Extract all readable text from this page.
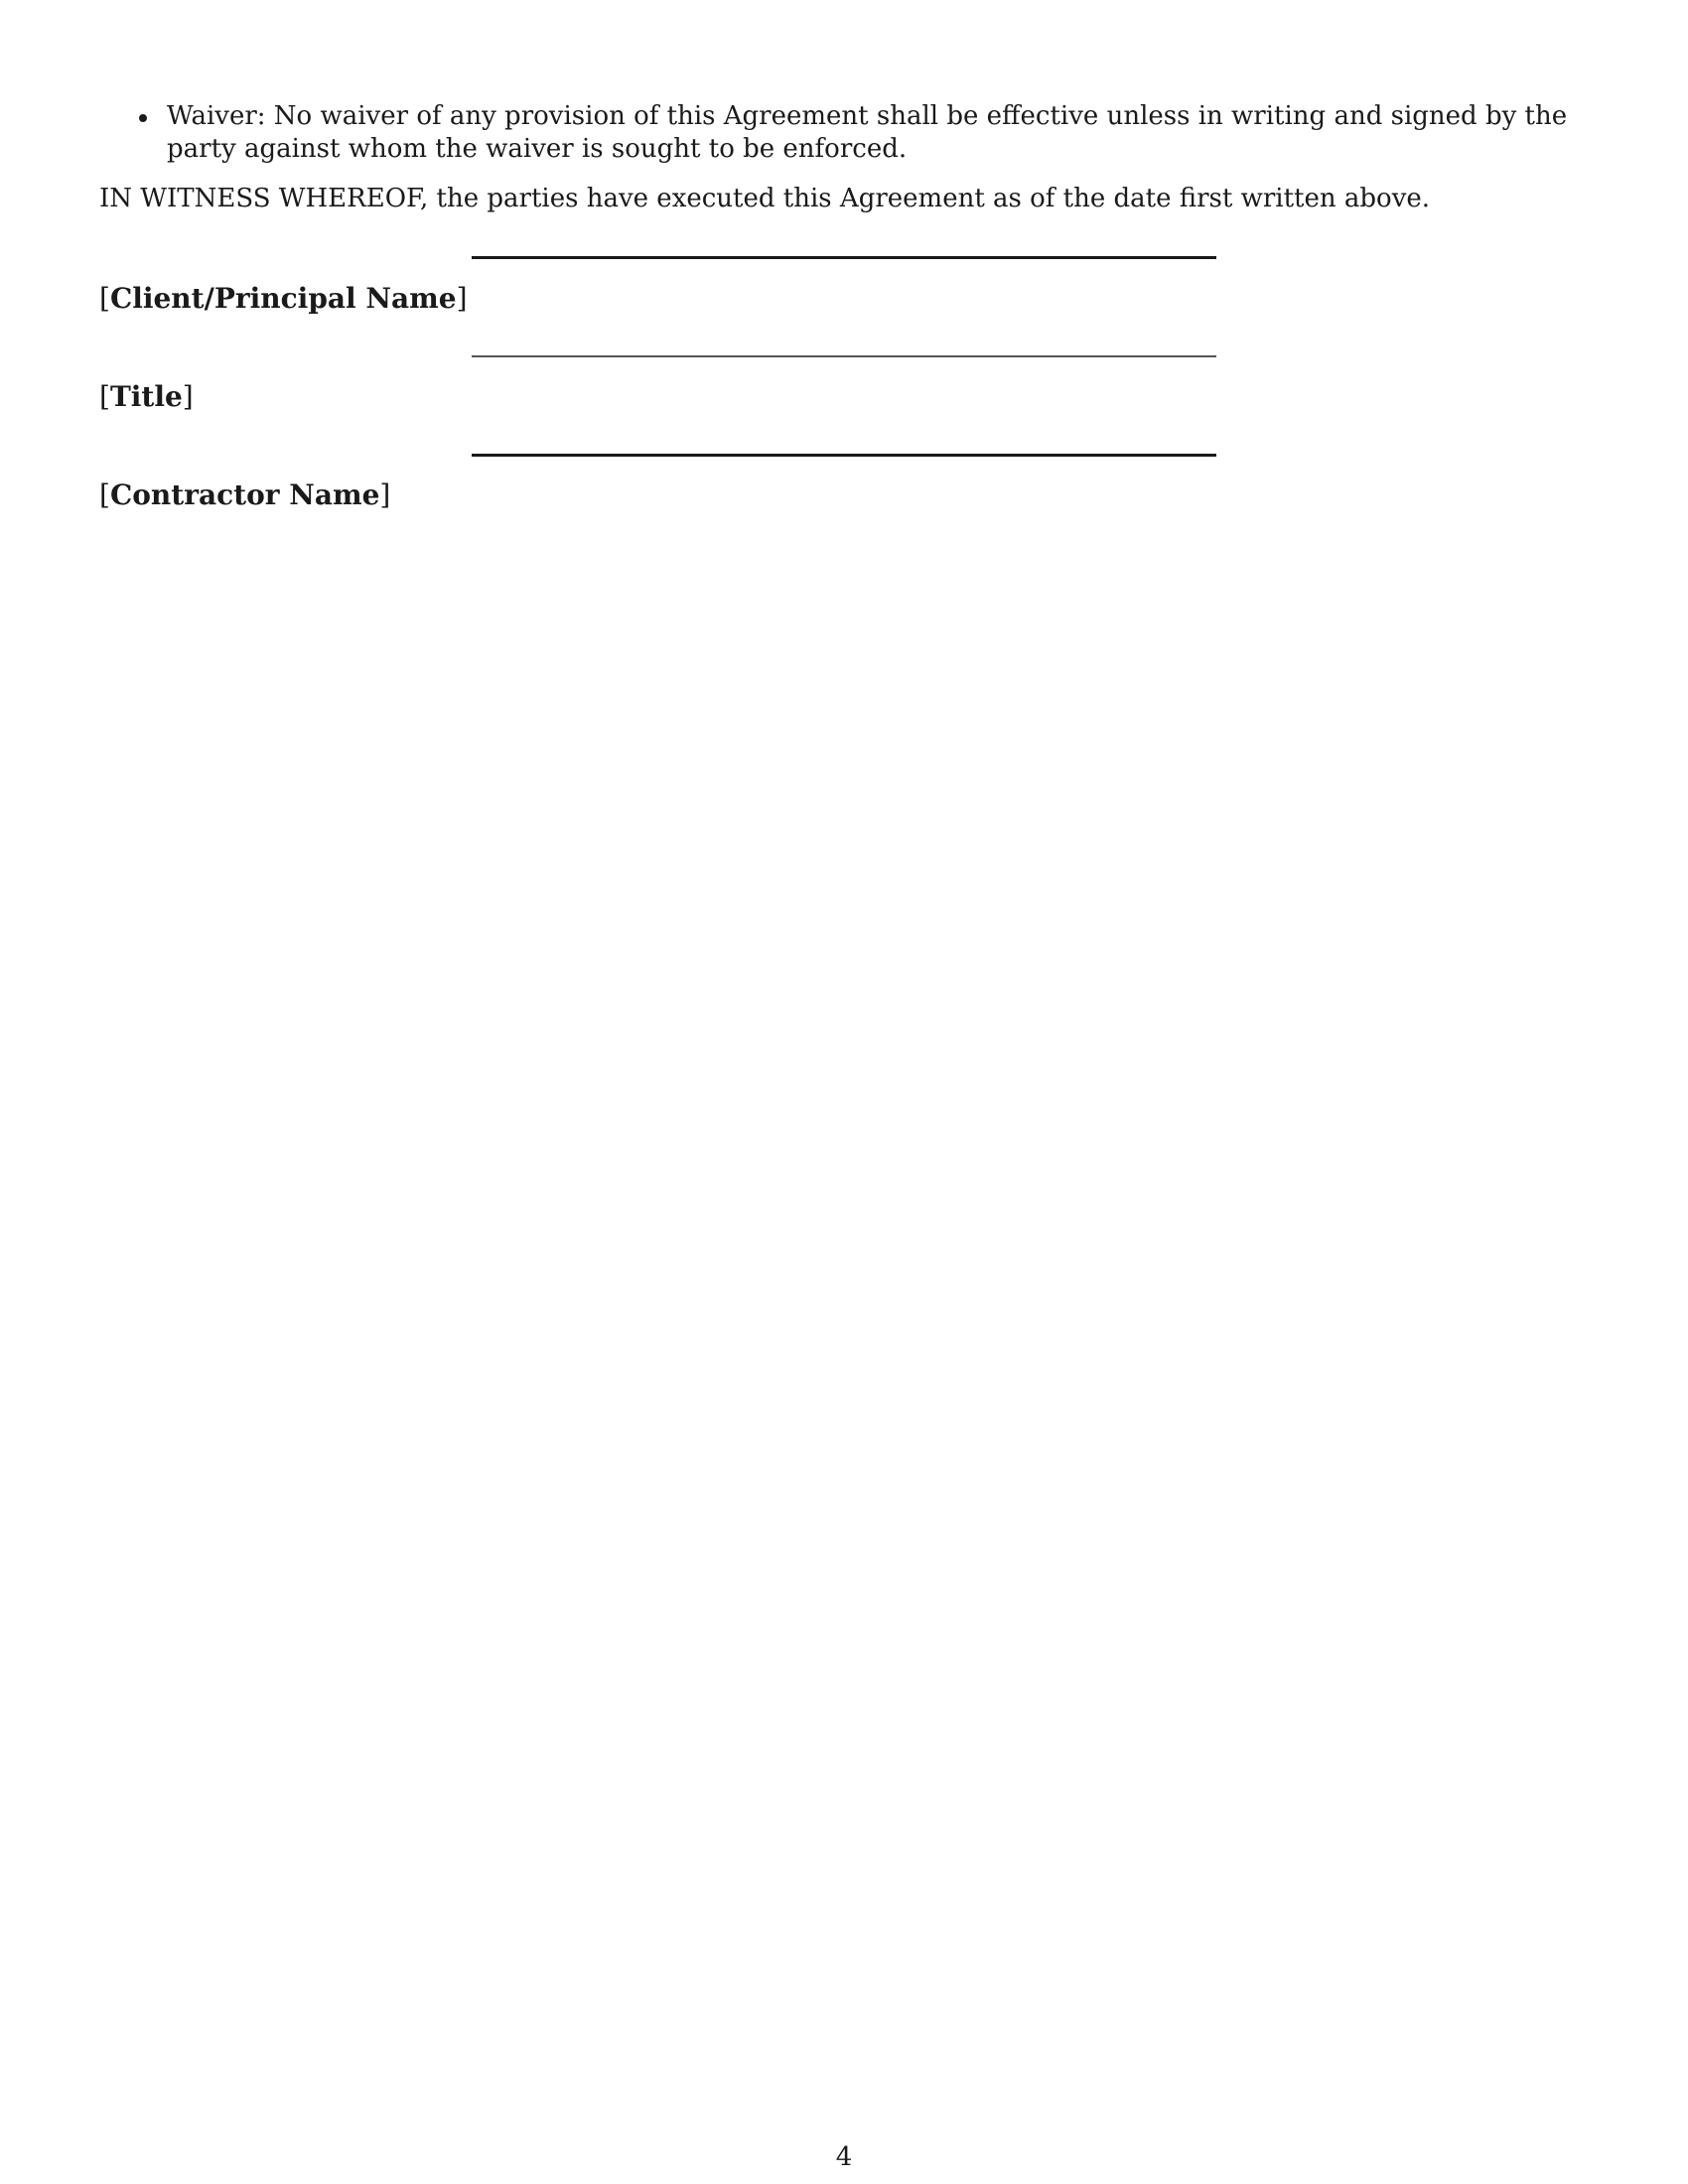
Waiver: No waiver of any provision of this Agreement shall be effective unless in writing and signed by the party against whom the waiver is sought to be enforced.

IN WITNESS WHEREOF, the parties have executed this Agreement as of the date first written above.

[Client/Principal Name]

[Title]

[Contractor Name]

4
